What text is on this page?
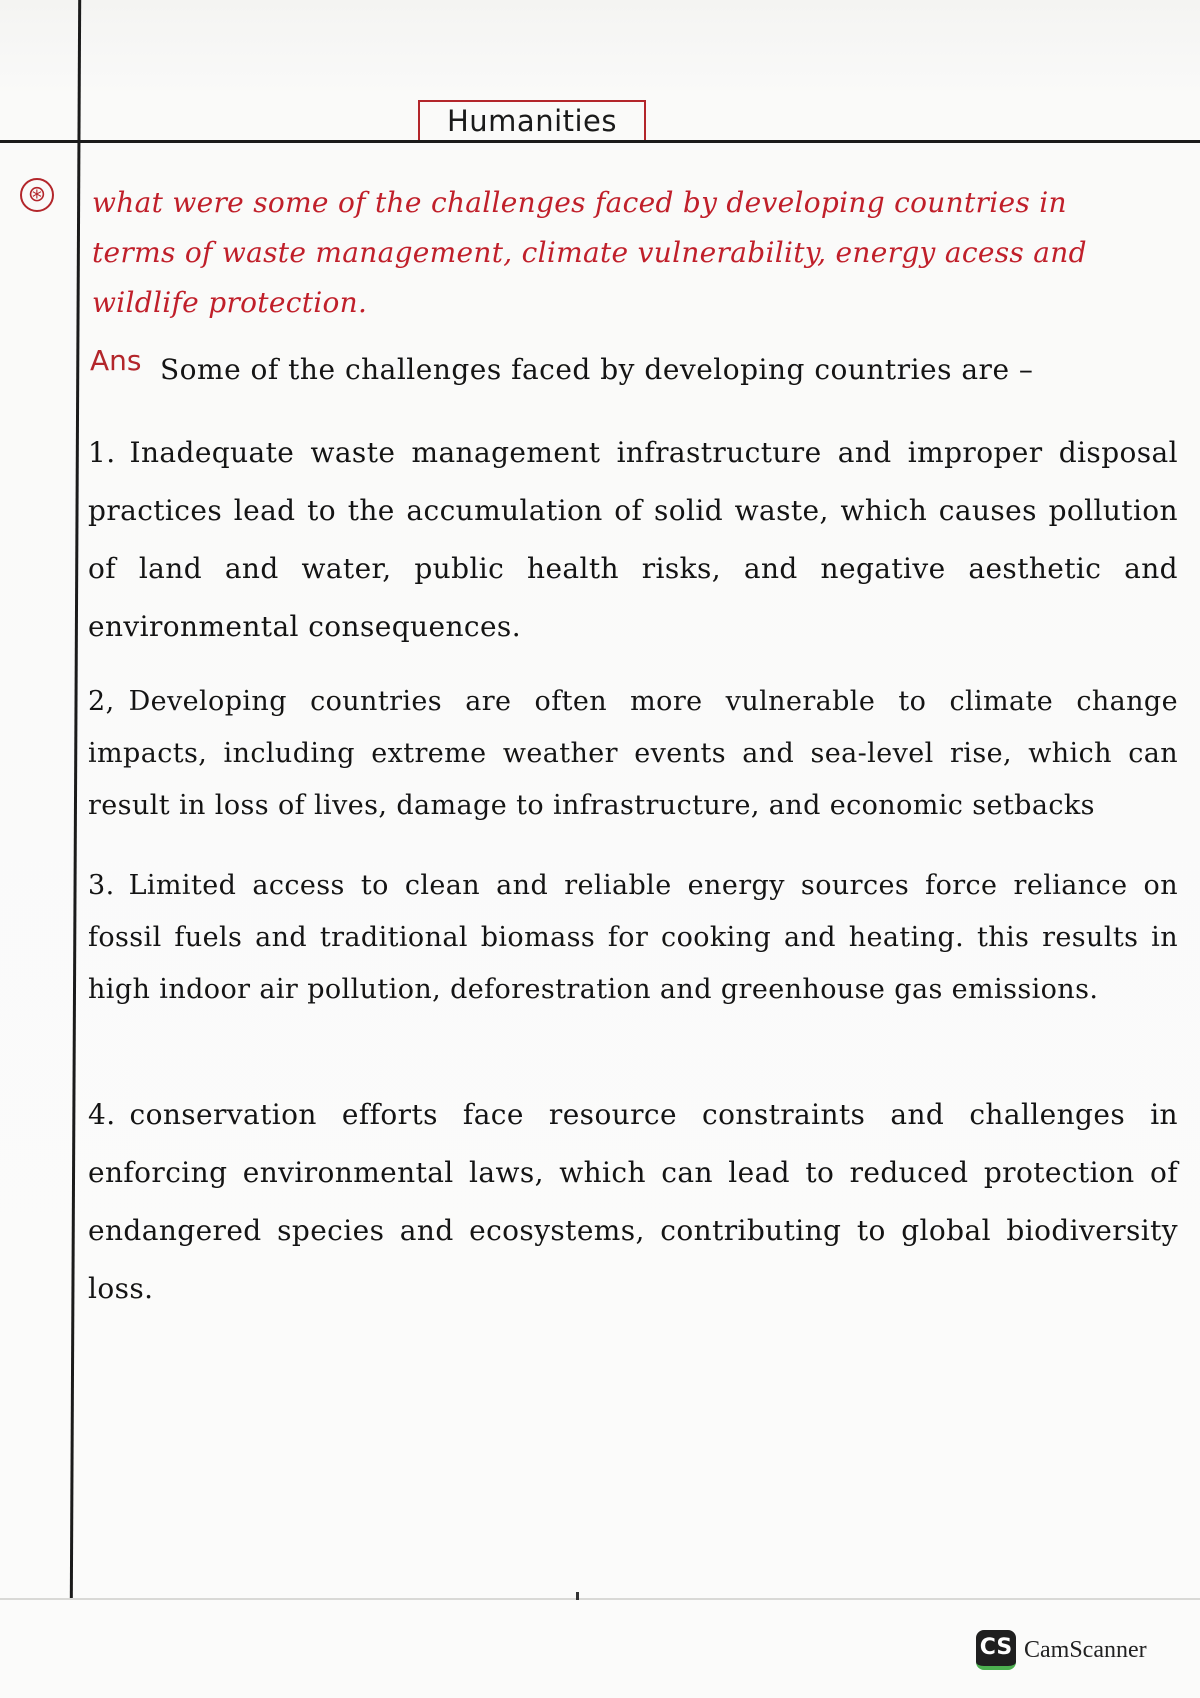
Humanities
⊛ what were some of the challenges faced by developing countries in terms of waste management, climate vulnerability, energy acess and wildlife protection.
Ans Some of the challenges faced by developing countries are –
1. Inadequate waste management infrastructure and improper disposal practices lead to the accumulation of solid waste, which causes pollution of land and water, public health risks, and negative aesthetic and environmental consequences.
2, Developing countries are often more vulnerable to climate change impacts, including extreme weather events and sea-level rise, which can result in loss of lives, damage to infrastructure, and economic setbacks
3. Limited access to clean and reliable energy sources force reliance on fossil fuels and traditional biomass for cooking and heating. this results in high indoor air pollution, deforestration and greenhouse gas emissions.
4. conservation efforts face resource constraints and challenges in enforcing environmental laws, which can lead to reduced protection of endangered species and ecosystems, contributing to global biodiversity loss.
CS CamScanner
